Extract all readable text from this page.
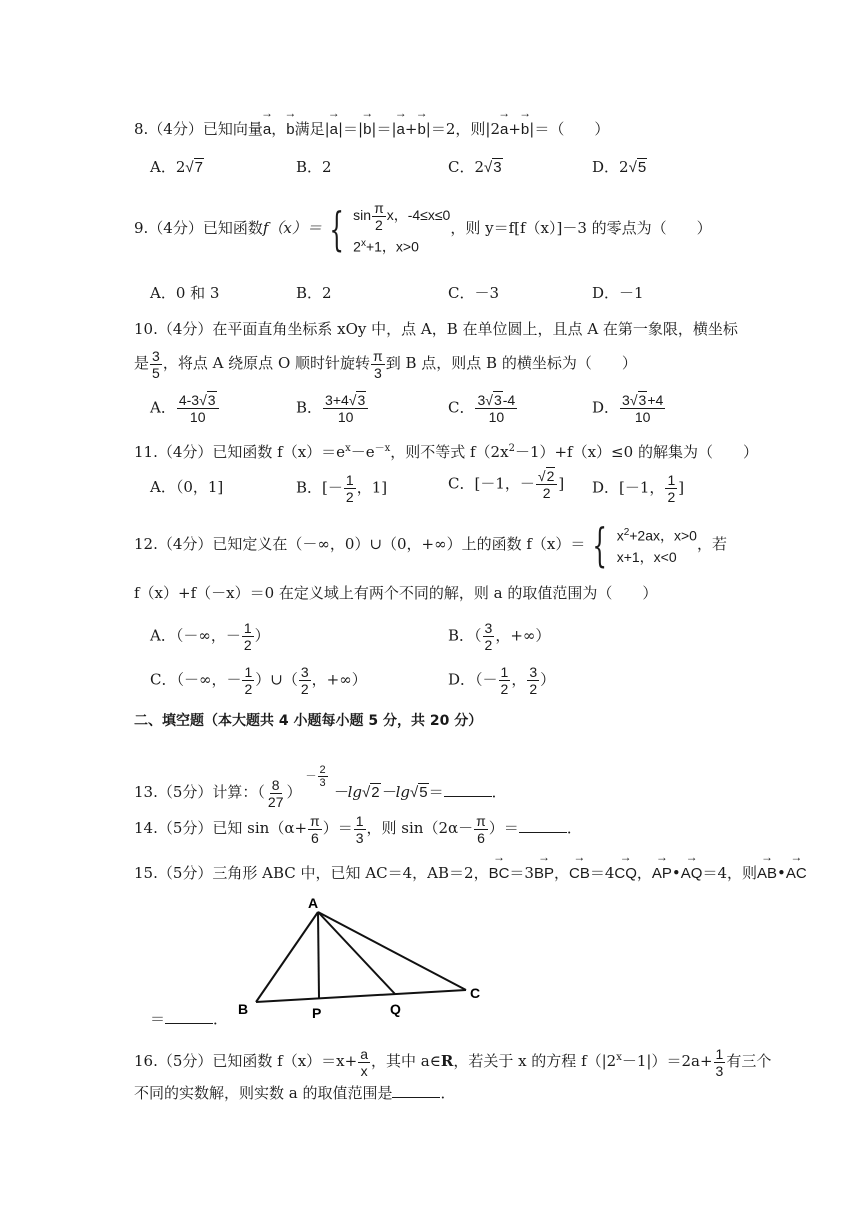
8.（4分）已知向量→ a，→ b满足|→ a|＝|→ b|＝|→ a+→ b|＝2，则|2→ a+→ b|＝（　　）
A．2√7	B．2	C．2√3	D．2√5
9.（4分）已知函数f（x）＝ { $\sin \frac{\pi}{2}$ x，-4≤x≤0
$2^x+1$，x>0
，则 y＝f[f（x）]－3 的零点为（　　）
A．0 和 3	B．2	C．－3	D．－1
10.（4分）在平面直角坐标系 xOy 中，点 A，B 在单位圆上，且点 A 在第一象限，横坐标
是 $\frac{3}{5}$ ，将点 A 绕原点 O 顺时针旋转 $\frac{\pi}{3}$ 到 B 点，则点 B 的横坐标为（　　）
A． $\frac{4-3√3}{10}$	B． $\frac{3+4√3}{10}$	C． $\frac{3√3-4}{10}$	D． $\frac{3√3+4}{10}$
11.（4分）已知函数 $f(x)=e^x-e^{-x}$，则不等式 $f(2x^2-1)+f(x)\le 0$ 的解集为（　　）
A．（0，1]	B．[－ $\frac{1}{2}$ ，1]	C．[－1，－ $\frac{√2}{2}$ ] D．[－1， $\frac{1}{2}$ ]
12.（4分）已知定义在（－∞，0）∪（0，+∞）上的函数 f（x）＝ { $x^2+2ax$，x>0
x+1，x<0
，若
f（x）+f（－x）＝0 在定义域上有两个不同的解，则 a 的取值范围为（　　）
A．（－∞，－ $\frac{1}{2}$ ）	B．（ $\frac{3}{2}$ ，+∞）
C．（－∞，－ $\frac{1}{2}$ ）∪（ $\frac{3}{2}$ ，+∞）	D．（－ $\frac{1}{2}$ ， $\frac{3}{2}$ ）
二、填空题（本大题共 4 小题每小题 5 分，共 20 分）
13.（5分）计算：（ $\frac{8}{27}$ ）－ $\frac{2}{3}$
－lg√2－lg√5＝	．
14.（5分）已知 $\sin(\alpha+ \frac{\pi}{6}$ ）＝ $\frac{1}{3}$ ，则 $\sin(2\alpha- \frac{\pi}{6}$ ）＝	．
15.（5分）三角形 ABC 中，已知 AC＝4，AB＝2，→ BC＝3→ BP，→ CB＝4→ CQ，→ AP•→ AQ＝4，则→ AB•→ AC
A
B	P	Q
C
＝	．
16.（5分）已知函数 $f(x)=x+ \frac{a}{x}$ ，其中 a∈R，若关于 x 的方程 $f(|2^x-1|)=2a+ \frac{1}{3}$ 有三个
不同的实数解，则实数 a 的取值范围是	．
